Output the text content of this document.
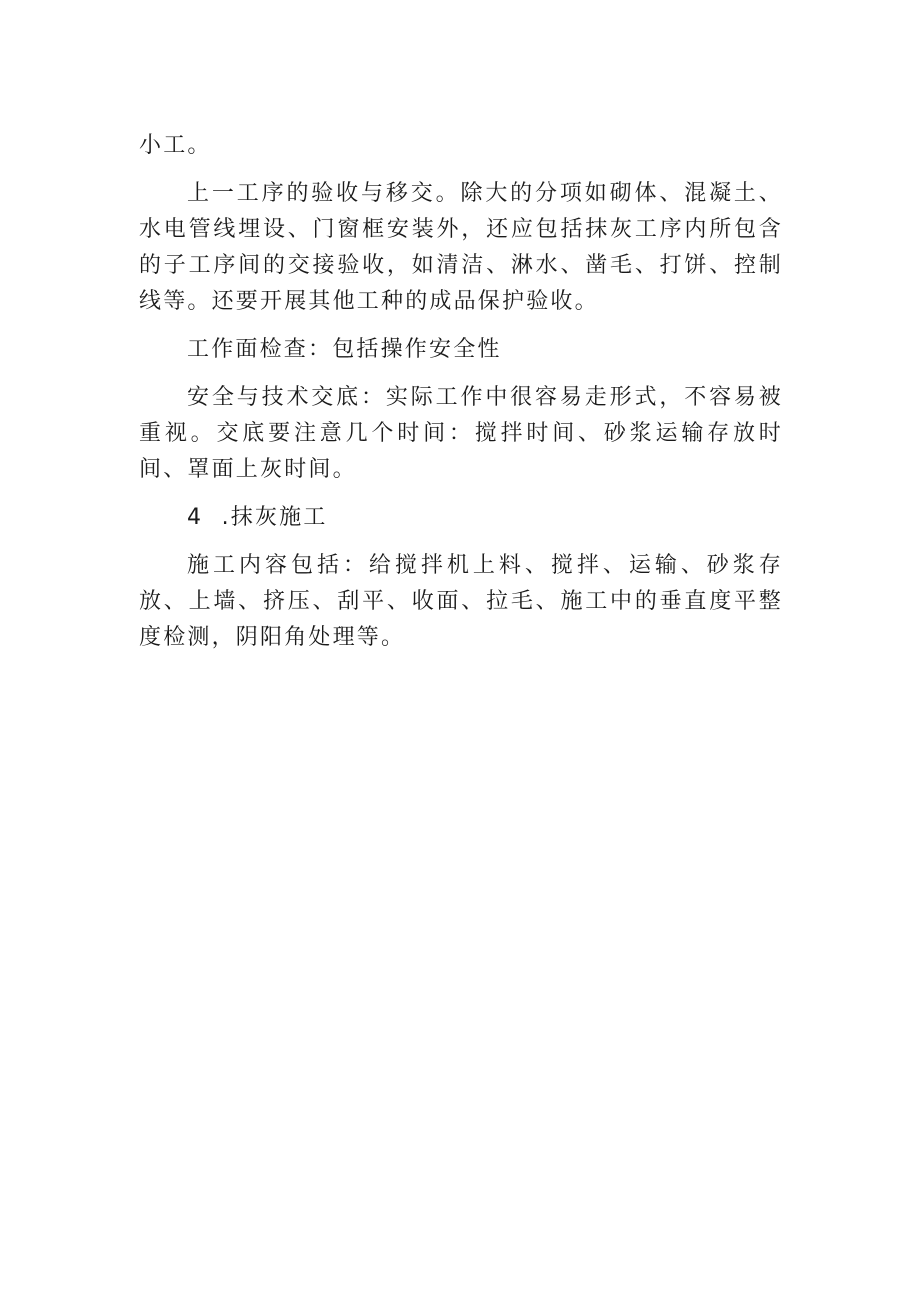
小工。

上一工序的验收与移交。除大的分项如砌体、混凝土、水电管线埋设、门窗框安装外，还应包括抹灰工序内所包含的子工序间的交接验收，如清洁、淋水、凿毛、打饼、控制线等。还要开展其他工种的成品保护验收。

工作面检查：包括操作安全性

安全与技术交底：实际工作中很容易走形式，不容易被重视。交底要注意几个时间：搅拌时间、砂浆运输存放时间、罩面上灰时间。

4  .抹灰施工

施工内容包括：给搅拌机上料、搅拌、运输、砂浆存放、上墙、挤压、刮平、收面、拉毛、施工中的垂直度平整度检测，阴阳角处理等。
